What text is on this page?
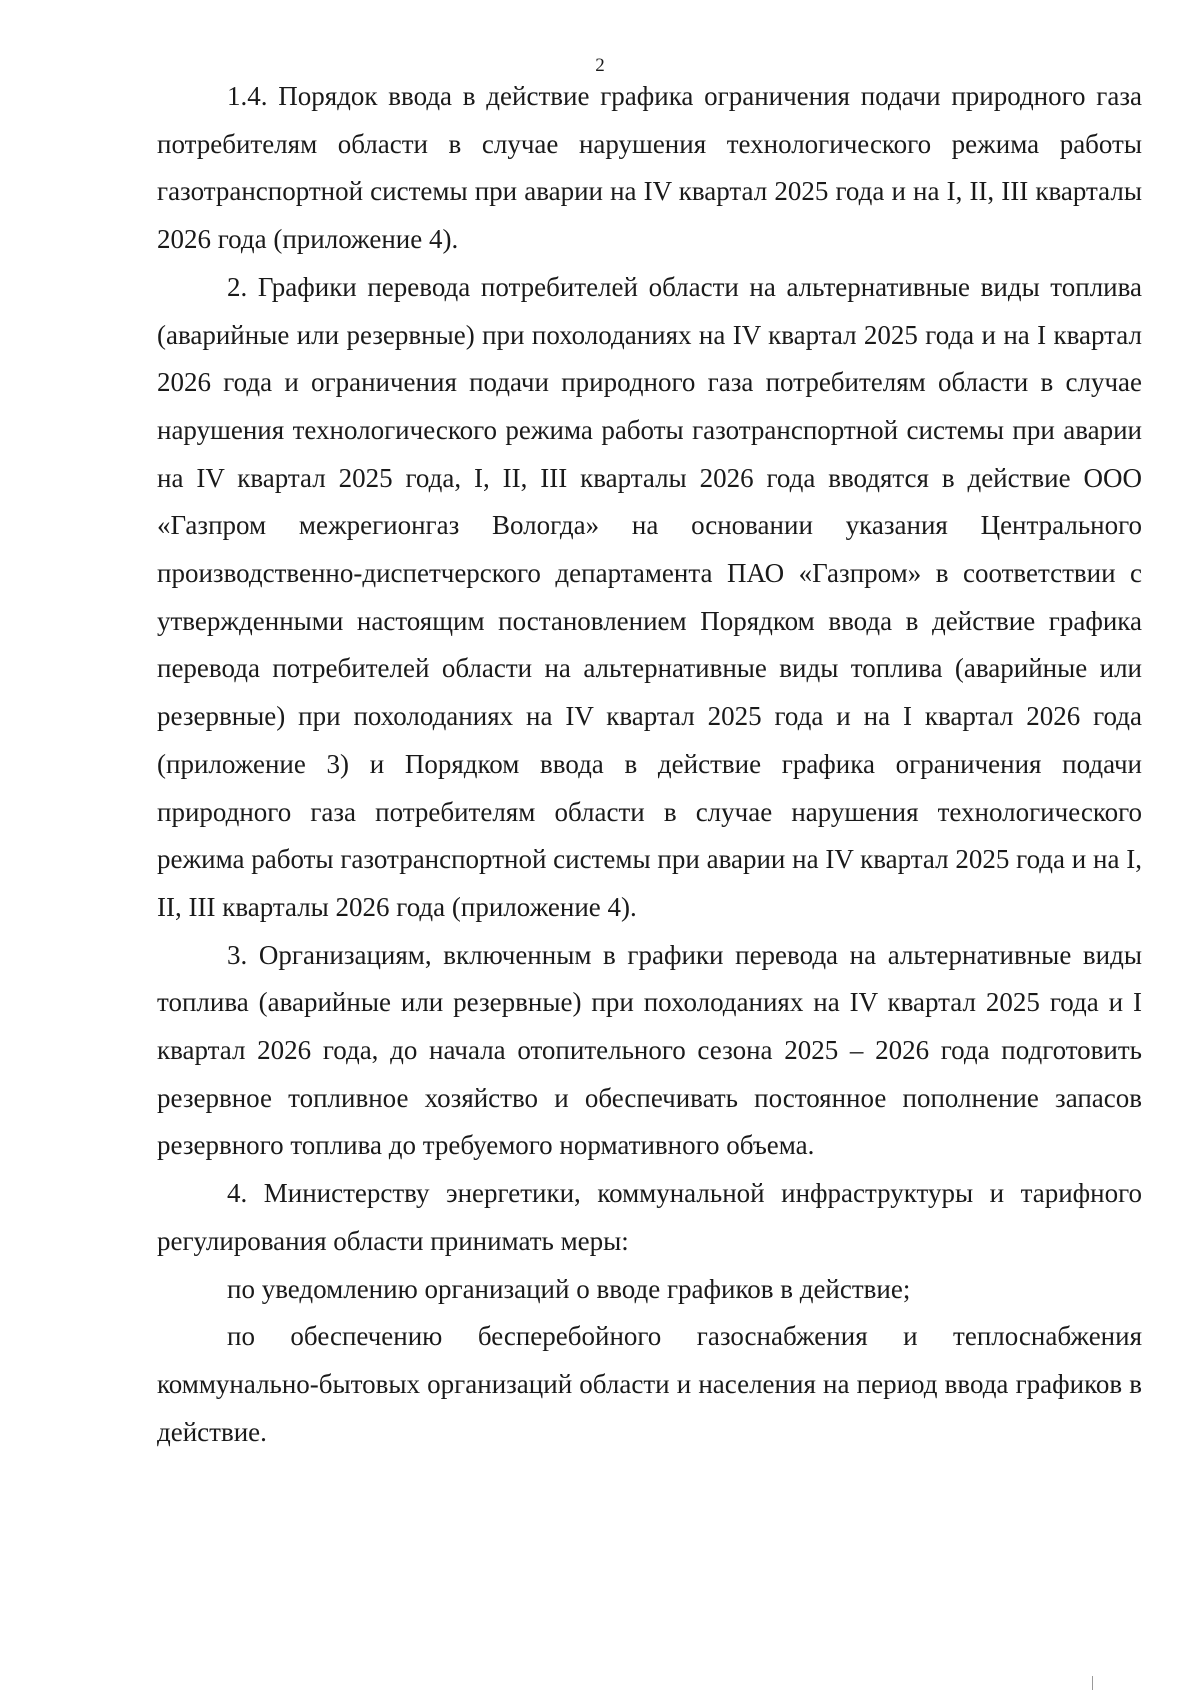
2

1.4. Порядок ввода в действие графика ограничения подачи природного газа потребителям области в случае нарушения технологического режима работы газотранспортной системы при аварии на IV квартал 2025 года и на I, II, III кварталы 2026 года (приложение 4).

2. Графики перевода потребителей области на альтернативные виды топлива (аварийные или резервные) при похолоданиях на IV квартал 2025 года и на I квартал 2026 года и ограничения подачи природного газа потребителям области в случае нарушения технологического режима работы газотранспортной системы при аварии на IV квартал 2025 года, I, II, III кварталы 2026 года вводятся в действие ООО «Газпром межрегионгаз Вологда» на основании указания Центрального производственно-диспетчерского департамента ПАО «Газпром» в соответствии с утвержденными настоящим постановлением Порядком ввода в действие графика перевода потребителей области на альтернативные виды топлива (аварийные или резервные) при похолоданиях на IV квартал 2025 года и на I квартал 2026 года (приложение 3) и Порядком ввода в действие графика ограничения подачи природного газа потребителям области в случае нарушения технологического режима работы газотранспортной системы при аварии на IV квартал 2025 года и на I, II, III кварталы 2026 года (приложение 4).

3. Организациям, включенным в графики перевода на альтернативные виды топлива (аварийные или резервные) при похолоданиях на IV квартал 2025 года и I квартал 2026 года, до начала отопительного сезона 2025 – 2026 года подготовить резервное топливное хозяйство и обеспечивать постоянное пополнение запасов резервного топлива до требуемого нормативного объема.

4. Министерству энергетики, коммунальной инфраструктуры и тарифного регулирования области принимать меры:

по уведомлению организаций о вводе графиков в действие;

по обеспечению бесперебойного газоснабжения и теплоснабжения коммунально-бытовых организаций области и населения на период ввода графиков в действие.
